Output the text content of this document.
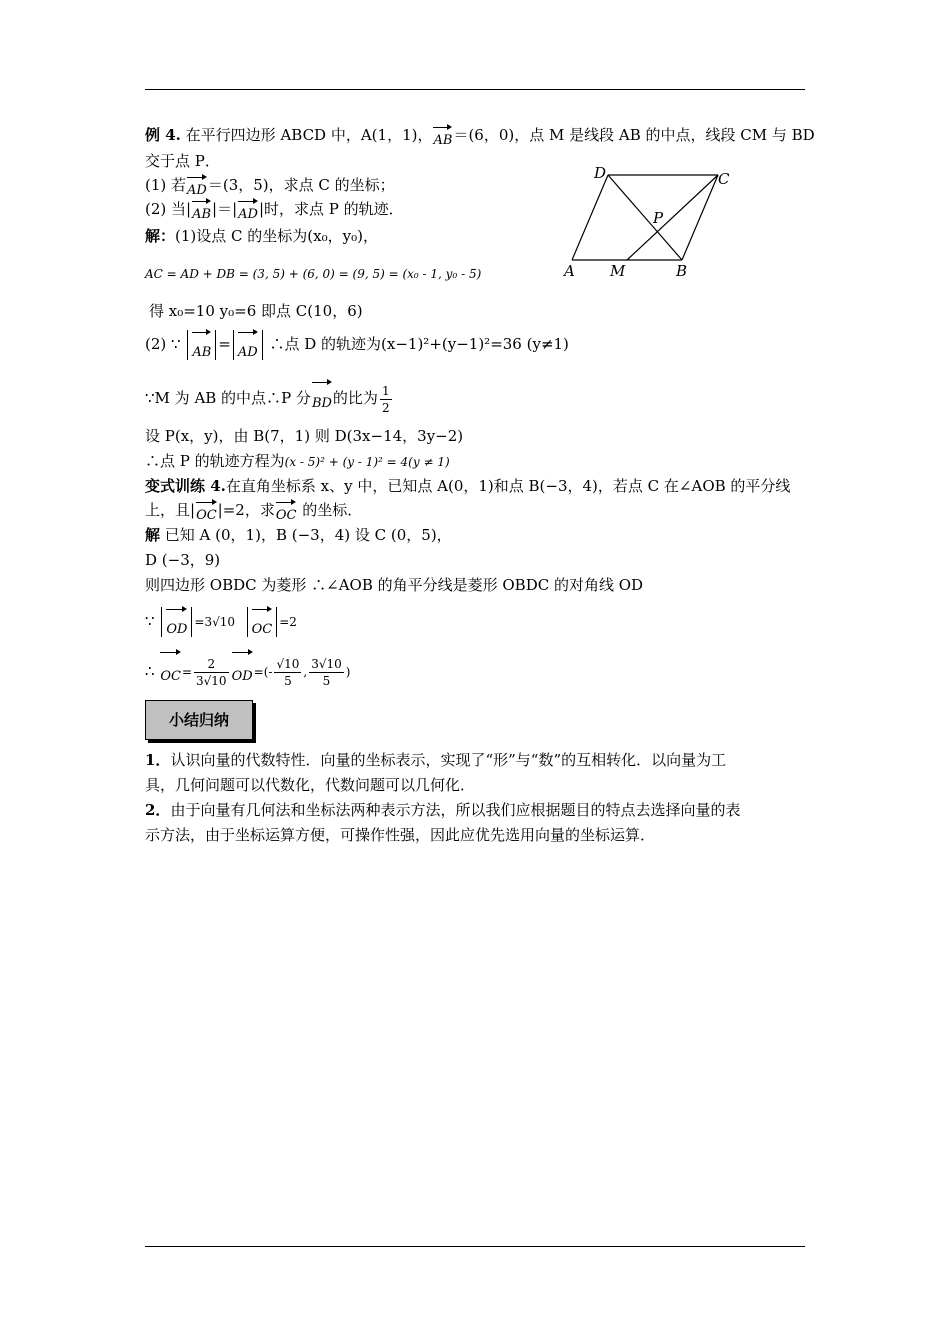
例 4. 在平行四边形 ABCD 中，A(1，1)，AB＝(6，0)，点 M 是线段 AB 的中点，线段 CM 与 BD
交于点 P．
(1) 若AD＝(3，5)，求点 C 的坐标；
(2) 当|AB|＝|AD|时，求点 P 的轨迹．
解：(1)设点 C 的坐标为(x₀，y₀)，
AC = AD + DB = (3, 5) + (6, 0) = (9, 5) = (x₀ - 1, y₀ - 5)
得 x₀=10 y₀=6 即点 C(10，6)
(2) ∵ AB = AD ∴点 D 的轨迹为(x−1)²+(y−1)²=36 (y≠1)
∵M 为 AB 的中点∴P 分BD的比为 $\frac{1}{2}$
设 P(x，y)，由 B(7，1) 则 D(3x−14，3y−2)
∴点 P 的轨迹方程为(x - 5)² + (y - 1)² = 4(y ≠ 1)
D	C
P
A M	B
变式训练 4.在直角坐标系 x、y 中，已知点 A(0，1)和点 B(−3，4)，若点 C 在∠AOB 的平分线
上，且|OC|=2，求OC 的坐标．
解 已知 A (0，1)，B (−3，4) 设 C (0，5)，
D (−3，9)
则四边形 OBDC 为菱形 ∴∠AOB 的角平分线是菱形 OBDC 的对角线 OD
∵ OD =3√10 OC =2
∴ $OC= \frac{2}{3√10} OD=(- \frac{√10}{5}$ , $\frac{3√10}{5}$ )
小结归纳
1．认识向量的代数特性．向量的坐标表示，实现了“形”与“数”的互相转化．以向量为工
具，几何问题可以代数化，代数问题可以几何化．
2．由于向量有几何法和坐标法两种表示方法，所以我们应根据题目的特点去选择向量的表
示方法，由于坐标运算方便，可操作性强，因此应优先选用向量的坐标运算．
